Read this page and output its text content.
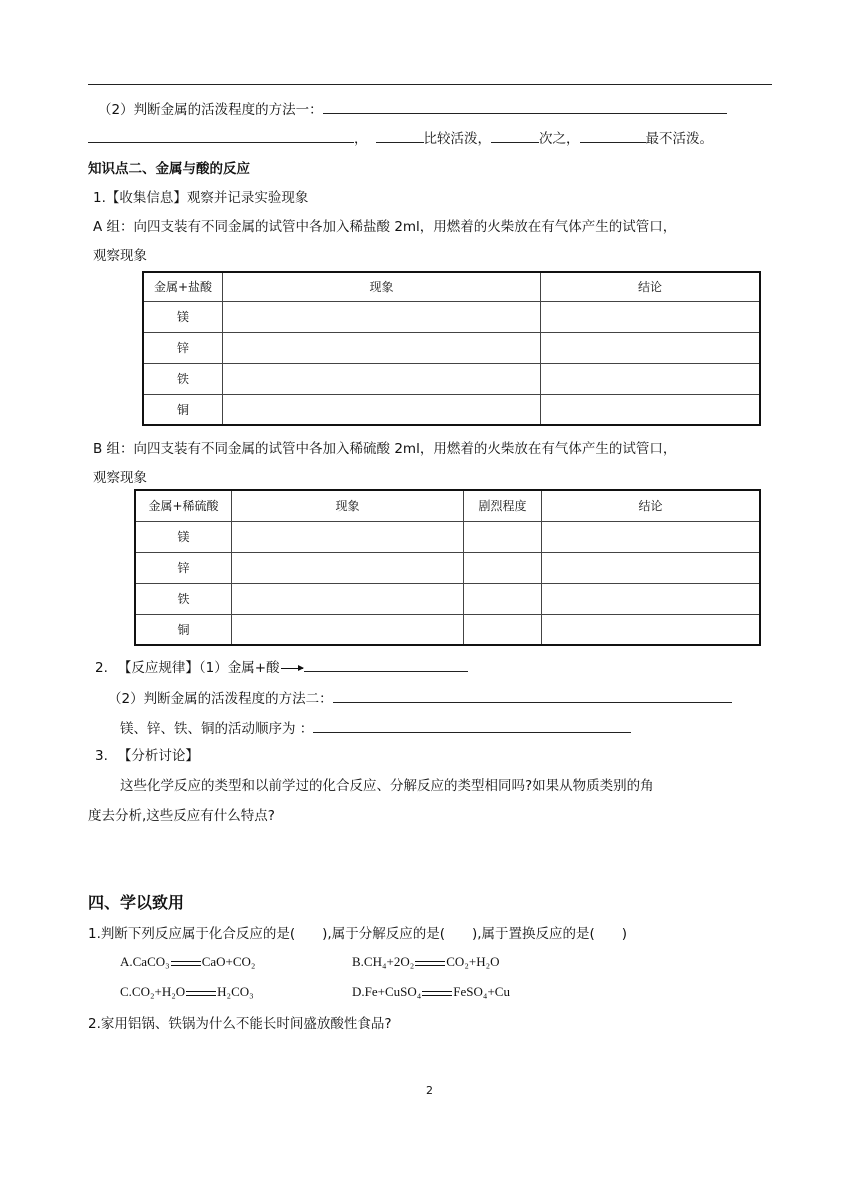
（2）判断金属的活泼程度的方法一：
，	比较活泼，	次之，	最不活泼。
知识点二、金属与酸的反应
1.【收集信息】观察并记录实验现象
A 组：向四支装有不同金属的试管中各加入稀盐酸 2ml，用燃着的火柴放在有气体产生的试管口，
观察现象
金属+盐酸	现象	结论
镁		
锌		
铁		
铜		
B 组：向四支装有不同金属的试管中各加入稀硫酸 2ml，用燃着的火柴放在有气体产生的试管口，
观察现象
金属+稀硫酸	现象	剧烈程度	结论
镁			
锌			
铁			
铜			
2. 【反应规律】（1）金属+酸
（2）判断金属的活泼程度的方法二：
镁、锌、铁、铜的活动顺序为 ：
3. 【分析讨论】
这些化学反应的类型和以前学过的化合反应、分解反应的类型相同吗?如果从物质类别的角
度去分析,这些反应有什么特点?
四、学以致用
1.判断下列反应属于化合反应的是(　　),属于分解反应的是(　　),属于置换反应的是(　　)
A.CaCO₃ CaO+CO₂	B.CH₄+2O₂ CO₂+H₂O
C.CO₂+H₂O H₂CO₃	D.Fe+CuSO₄ FeSO₄+Cu
2.家用铝锅、铁锅为什么不能长时间盛放酸性食品?
2
